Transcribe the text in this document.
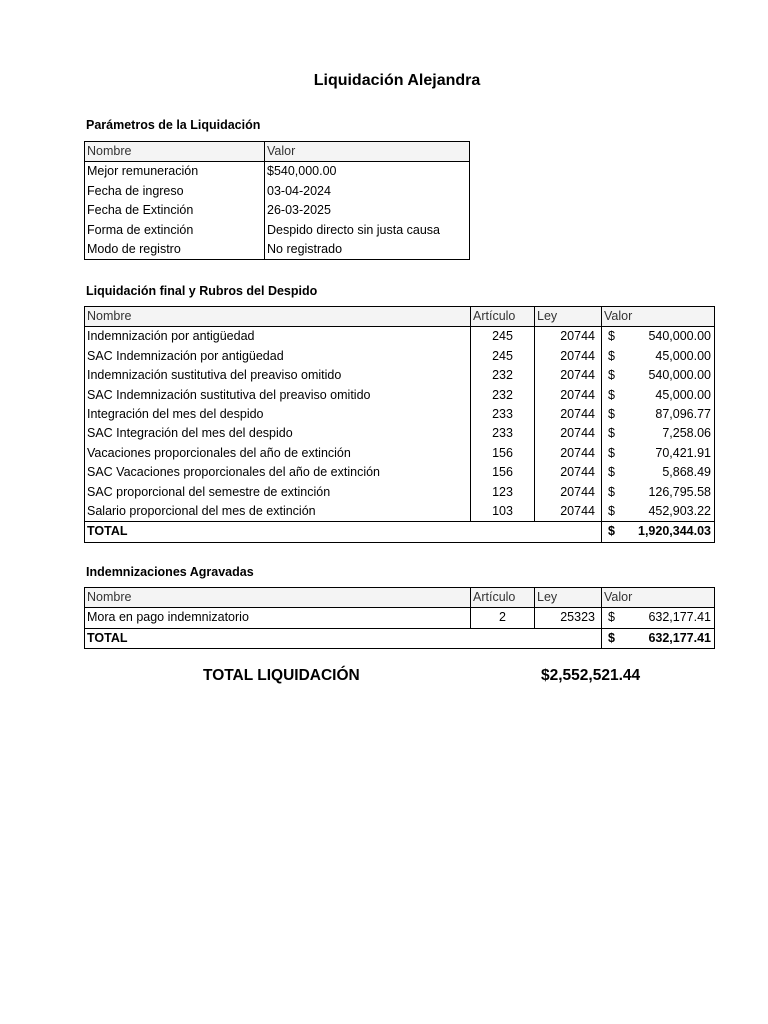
Liquidación Alejandra
Parámetros de la Liquidación
Nombre	Valor
Mejor remuneración	$540,000.00
Fecha de ingreso	03-04-2024
Fecha de Extinción	26-03-2025
Forma de extinción	Despido directo sin justa causa
Modo de registro	No registrado
Liquidación final y Rubros del Despido
Nombre	Artículo	Ley	Valor	
Indemnización por antigüedad	245	20744	$	540,000.00
SAC Indemnización por antigüedad	245	20744	$	45,000.00
Indemnización sustitutiva del preaviso omitido	232	20744	$	540,000.00
SAC Indemnización sustitutiva del preaviso omitido	232	20744	$	45,000.00
Integración del mes del despido	233	20744	$	87,096.77
SAC Integración del mes del despido	233	20744	$	7,258.06
Vacaciones proporcionales del año de extinción	156	20744	$	70,421.91
SAC Vacaciones proporcionales del año de extinción	156	20744	$	5,868.49
SAC proporcional del semestre de extinción	123	20744	$	126,795.58
Salario proporcional del mes de extinción	103	20744	$	452,903.22
TOTAL			$	1,920,344.03
Indemnizaciones Agravadas
Nombre	Artículo	Ley	Valor	
Mora en pago indemnizatorio	2	25323	$	632,177.41
TOTAL			$	632,177.41
TOTAL LIQUIDACIÓN	$2,552,521.44
